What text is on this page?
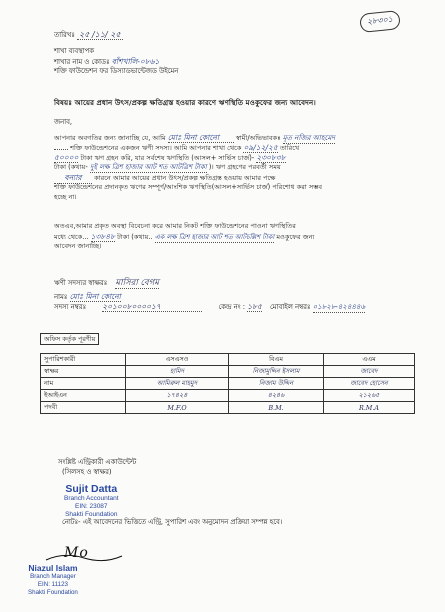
২৮৩০১
তারিখঃ ২৫ /১১/ ২৫
শাখা ব্যবস্থাপক
শাখার নাম ও কোডঃ বাঁশখালি-০৮৬১
শক্তি ফাউন্ডেশন ফর ডিস্যাডভান্টেজড উইমেন
বিষয়ঃ আয়ের প্রধান উৎস/প্রকল্প ক্ষতিগ্রস্ত হওয়ার কারণে ঋণস্থিতি মওকুফের জন্য আবেদন।
জনাব,
আপনার অবগতির জন্য জানাচ্ছি যে, আমি মোঃ মিনা কোনো	স্বামী/অভিভাবকঃ মৃত নজির আহমেদ
শক্তি ফাউন্ডেশনের একজন ঋণী সদস্য। আমি আপনার শাখা থেকে ০৯/১২/২৫ তারিখে
৫০০০০ টাকা ঋণ গ্রহন করি, যার সর্বশেষ ঋণস্থিতি (আসল+ সার্ভিস চার্জ)- ২৩০৮৩৮
টাকা (কথায়- দুই লক্ষ ত্রিশ হাজার আট শত আটত্রিশ টাকা )। ঋণ গ্রহণের পরবর্তী সময়
বন্যার কারনে আমার আয়ের প্রধান উৎস/প্রকল্প ক্ষতিগ্রস্ত হওয়ায় আমার পক্ষে
শক্তি ফাউন্ডেশনের প্রদানকৃত ঋণের সম্পূর্ণ/আংশিক ঋণস্থিতি(আসল+সার্ভিস চার্জ) পরিশোধ করা সম্ভব
হচ্ছে না।
অতএব,আমার প্রকৃত অবস্থা বিবেচনা করে আমার নিকট শক্তি ফাউন্ডেশনের পাওনা ঋণস্থিতির
মধ্যে থেকে... ১৩৮৪৮ টাকা (কথায়.. এক লক্ষ ত্রিশ হাজার আট শত আটচল্লিশ টাকা মওকুফের জন্য
আবেদন জানাচ্ছি।
ঋণী সদস্যর স্বাক্ষরঃ মাসিরা বেগম
নামঃ মোঃ মিনা কোনো
সদস্য নম্বরঃ ২০১০০৮০০০০১৭	কেন্দ্র নং : ১৮৫ মোবাইল নম্বরঃ ০১৮২৮-৪২৪৪৪৬
অফিস কর্তৃক পূরণীয়
সুপারিশকারী	এসএসও	বিএম	এএম
স্বাক্ষর	হামিদ	নিজামুদ্দিন ইসলাম	জাবেদ
নাম	আমিরুল মাহমুদ	নিজাম উদ্দিন	জাবেদ হোসেন
ইআইএন	১৭৪২৪	৪২৪৬	২১২৬৫
পদবী	M.F.O	B.M.	R.M.A
সংশ্লিষ্ট এন্ট্রিকারী একাউন্টেন্ট
(সিলসহ ও স্বাক্ষর)
Sujit Datta
Branch Accountant
EIN: 23087
Shakti Foundation
নোটঃ- এই আবেদনের ভিত্তিতে এন্ট্রি, সুপারিশ এবং অনুমোদন প্রক্রিয়া সম্পন্ন হবে।
Mo
Niazul Islam
Branch Manager
EIN: 11123
Shakti Foundation
